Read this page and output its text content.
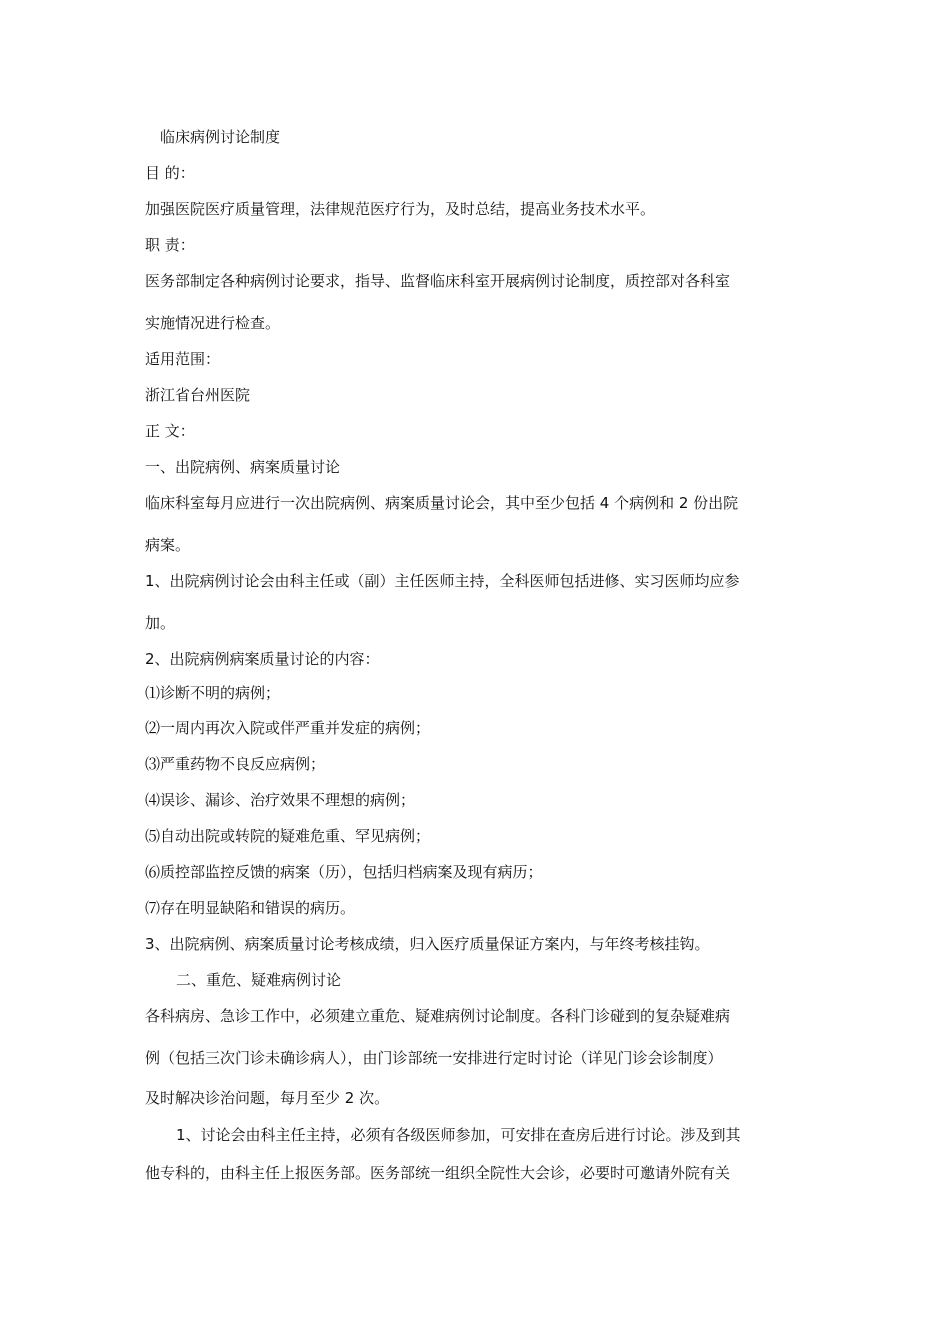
临床病例讨论制度
目 的：
加强医院医疗质量管理，法律规范医疗行为，及时总结，提高业务技术水平。
职 责：
医务部制定各种病例讨论要求，指导、监督临床科室开展病例讨论制度，质控部对各科室
实施情况进行检查。
适用范围：
浙江省台州医院
正 文：
一、出院病例、病案质量讨论
临床科室每月应进行一次出院病例、病案质量讨论会，其中至少包括 4 个病例和 2 份出院
病案。
1、出院病例讨论会由科主任或（副）主任医师主持，全科医师包括进修、实习医师均应参
加。
2、出院病例病案质量讨论的内容：
⑴诊断不明的病例；
⑵一周内再次入院或伴严重并发症的病例；
⑶严重药物不良反应病例；
⑷误诊、漏诊、治疗效果不理想的病例；
⑸自动出院或转院的疑难危重、罕见病例；
⑹质控部监控反馈的病案（历），包括归档病案及现有病历；
⑺存在明显缺陷和错误的病历。
3、出院病例、病案质量讨论考核成绩，归入医疗质量保证方案内，与年终考核挂钩。
二、重危、疑难病例讨论
各科病房、急诊工作中，必须建立重危、疑难病例讨论制度。各科门诊碰到的复杂疑难病
例（包括三次门诊未确诊病人），由门诊部统一安排进行定时讨论（详见门诊会诊制度）
及时解决诊治问题，每月至少 2 次。
1、讨论会由科主任主持，必须有各级医师参加，可安排在查房后进行讨论。涉及到其
他专科的，由科主任上报医务部。医务部统一组织全院性大会诊，必要时可邀请外院有关
